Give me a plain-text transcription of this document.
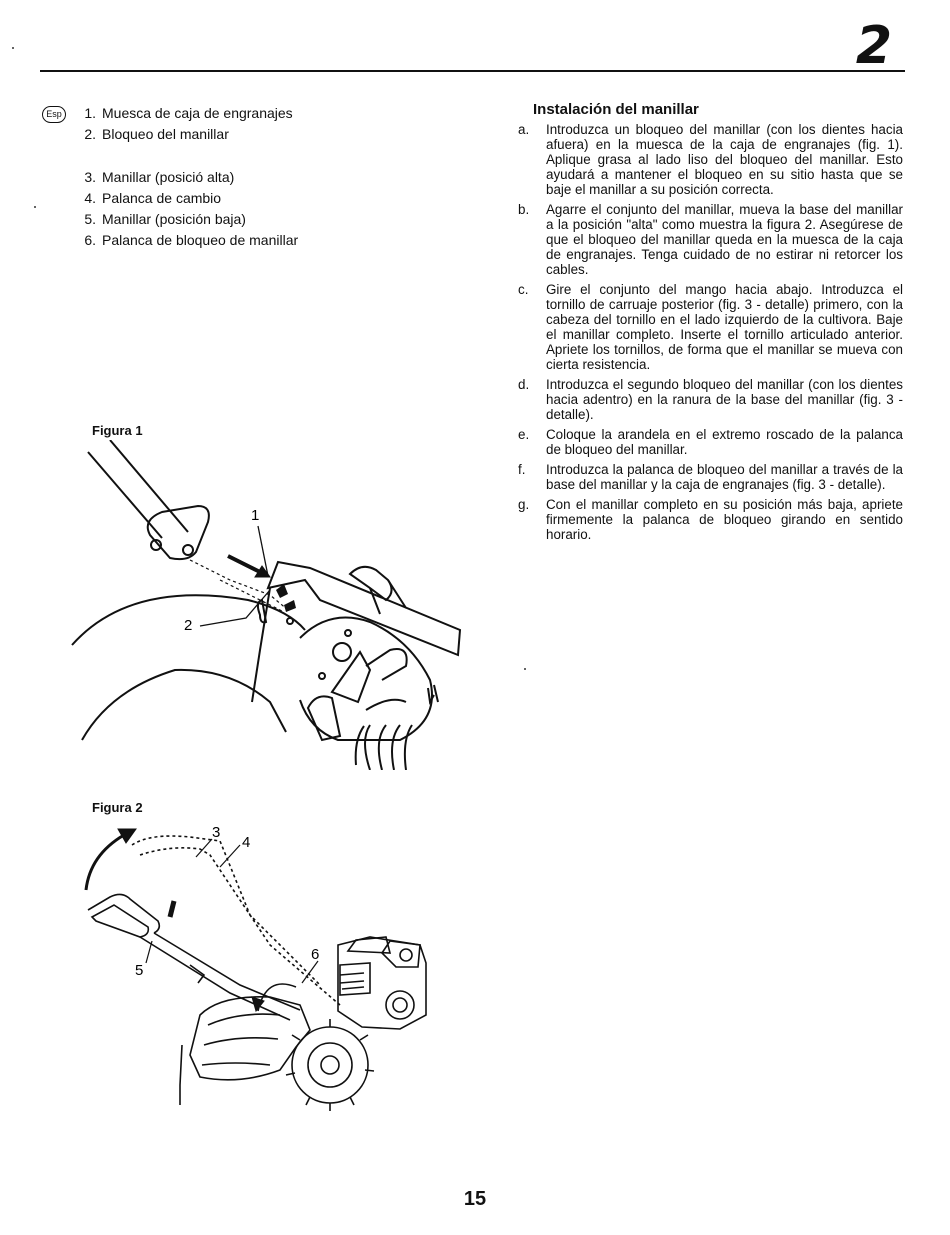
2
Esp	1. Muesca de caja de engranajes
2. Bloqueo del manillar
3. Manillar (posició alta)
4. Palanca de cambio
5. Manillar (posición baja)
6. Palanca de bloqueo de manillar
Figura 1
1
2
Figura 2
3
4
5
6
Instalación del manillar
a.	Introduzca un bloqueo del manillar (con los dientes hacia afuera) en la muesca de la caja de engranajes (fig. 1). Aplique grasa al lado liso del bloqueo del manillar. Esto ayudará a mantener el bloqueo en su sitio hasta que se baje el manillar a su posición correcta.
b.	Agarre el conjunto del manillar, mueva la base del manillar a la posición "alta" como muestra la figura 2. Asegúrese de que el bloqueo del manillar queda en la muesca de la caja de engranajes. Tenga cuidado de no estirar ni retorcer los cables.
c.	Gire el conjunto del mango hacia abajo. Introduzca el tornillo de carruaje posterior (fig. 3 - detalle) primero, con la cabeza del tornillo en el lado izquierdo de la cultivora. Baje el manillar completo. Inserte el tornillo articulado anterior. Apriete los tornillos, de forma que el manillar se mueva con cierta resistencia.
d.	Introduzca el segundo bloqueo del manillar (con los dientes hacia adentro) en la ranura de la base del manillar (fig. 3 - detalle).
e.	Coloque la arandela en el extremo roscado de la palanca de bloqueo del manillar.
f.	Introduzca la palanca de bloqueo del manillar a través de la base del manillar y la caja de engranajes (fig. 3 - detalle).
g.	Con el manillar completo en su posición más baja, apriete firmemente la palanca de bloqueo girando en sentido horario.
15
